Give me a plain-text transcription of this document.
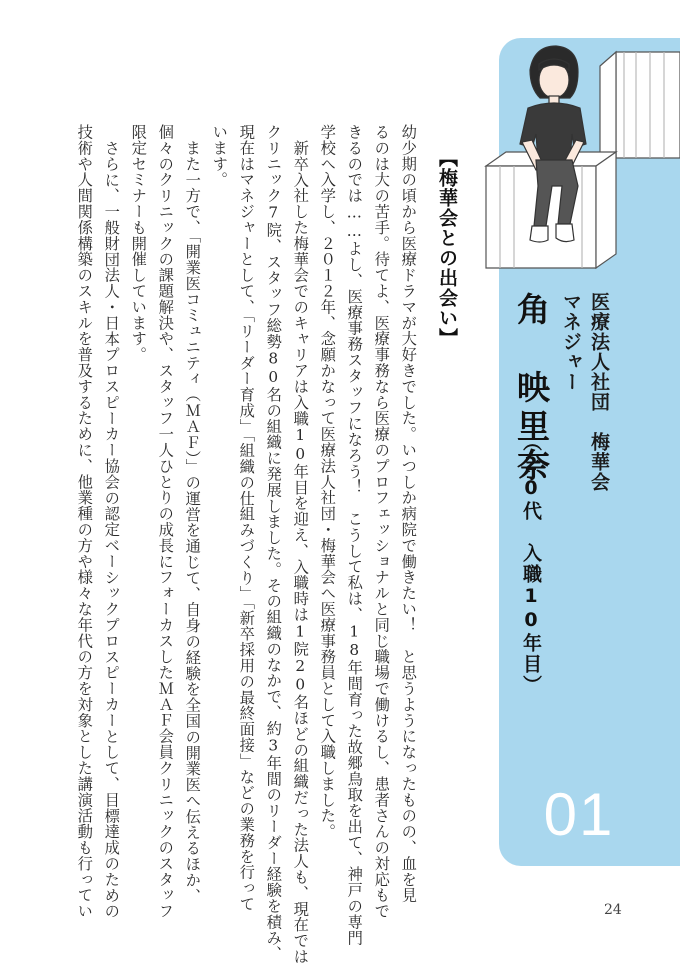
医療法人社団　梅華会
マネジャー
角　映里奈
（20代　入職10年目）
01
【梅華会との出会い】
幼少期の頃から医療ドラマが大好きでした。いつしか病院で働きたい！　と思うようになったものの、血を見
るのは大の苦手。待てよ、医療事務なら医療のプロフェッショナルと同じ職場で働けるし、患者さんの対応もで
きるのでは……よし、医療事務スタッフになろう！　こうして私は、18年間育った故郷鳥取を出て、神戸の専門
学校へ入学し、２０１２年、念願かなって医療法人社団・梅華会へ医療事務員として入職しました。
新卒入社した梅華会でのキャリアは入職10年目を迎え、入職時は1院20名ほどの組織だった法人も、現在では
クリニック7院、スタッフ総勢80名の組織に発展しました。その組織のなかで、約3年間のリーダー経験を積み、
現在はマネジャーとして、「リーダー育成」「組織の仕組みづくり」「新卒採用の最終面接」などの業務を行って
います。
また一方で、「開業医コミュニティ（ＭＡＦ）」の運営を通じて、自身の経験を全国の開業医へ伝えるほか、
個々のクリニックの課題解決や、スタッフ一人ひとりの成長にフォーカスしたＭＡＦ会員クリニックのスタッフ
限定セミナーも開催しています。
さらに、一般財団法人・日本プロスピーカー協会の認定ベーシックプロスピーカーとして、目標達成のための
技術や人間関係構築のスキルを普及するために、他業種の方や様々な年代の方を対象とした講演活動も行ってい	24
